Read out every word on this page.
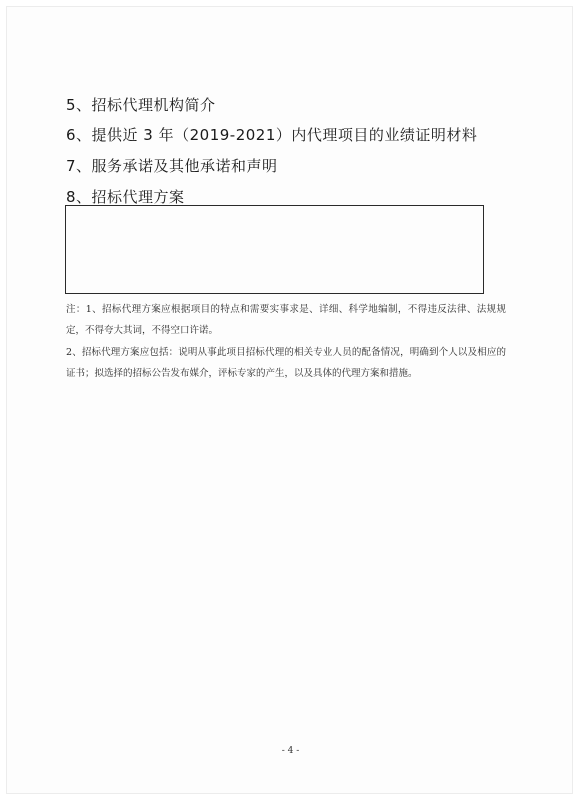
5、招标代理机构简介
6、提供近 3 年（2019-2021）内代理项目的业绩证明材料
7、服务承诺及其他承诺和声明
8、招标代理方案

注：1、招标代理方案应根据项目的特点和需要实事求是、详细、科学地编制，不得违反法律、法规规定，不得夸大其词，不得空口许诺。

2、招标代理方案应包括：说明从事此项目招标代理的相关专业人员的配备情况，明确到个人以及相应的证书；拟选择的招标公告发布媒介，评标专家的产生，以及具体的代理方案和措施。

- 4 -
